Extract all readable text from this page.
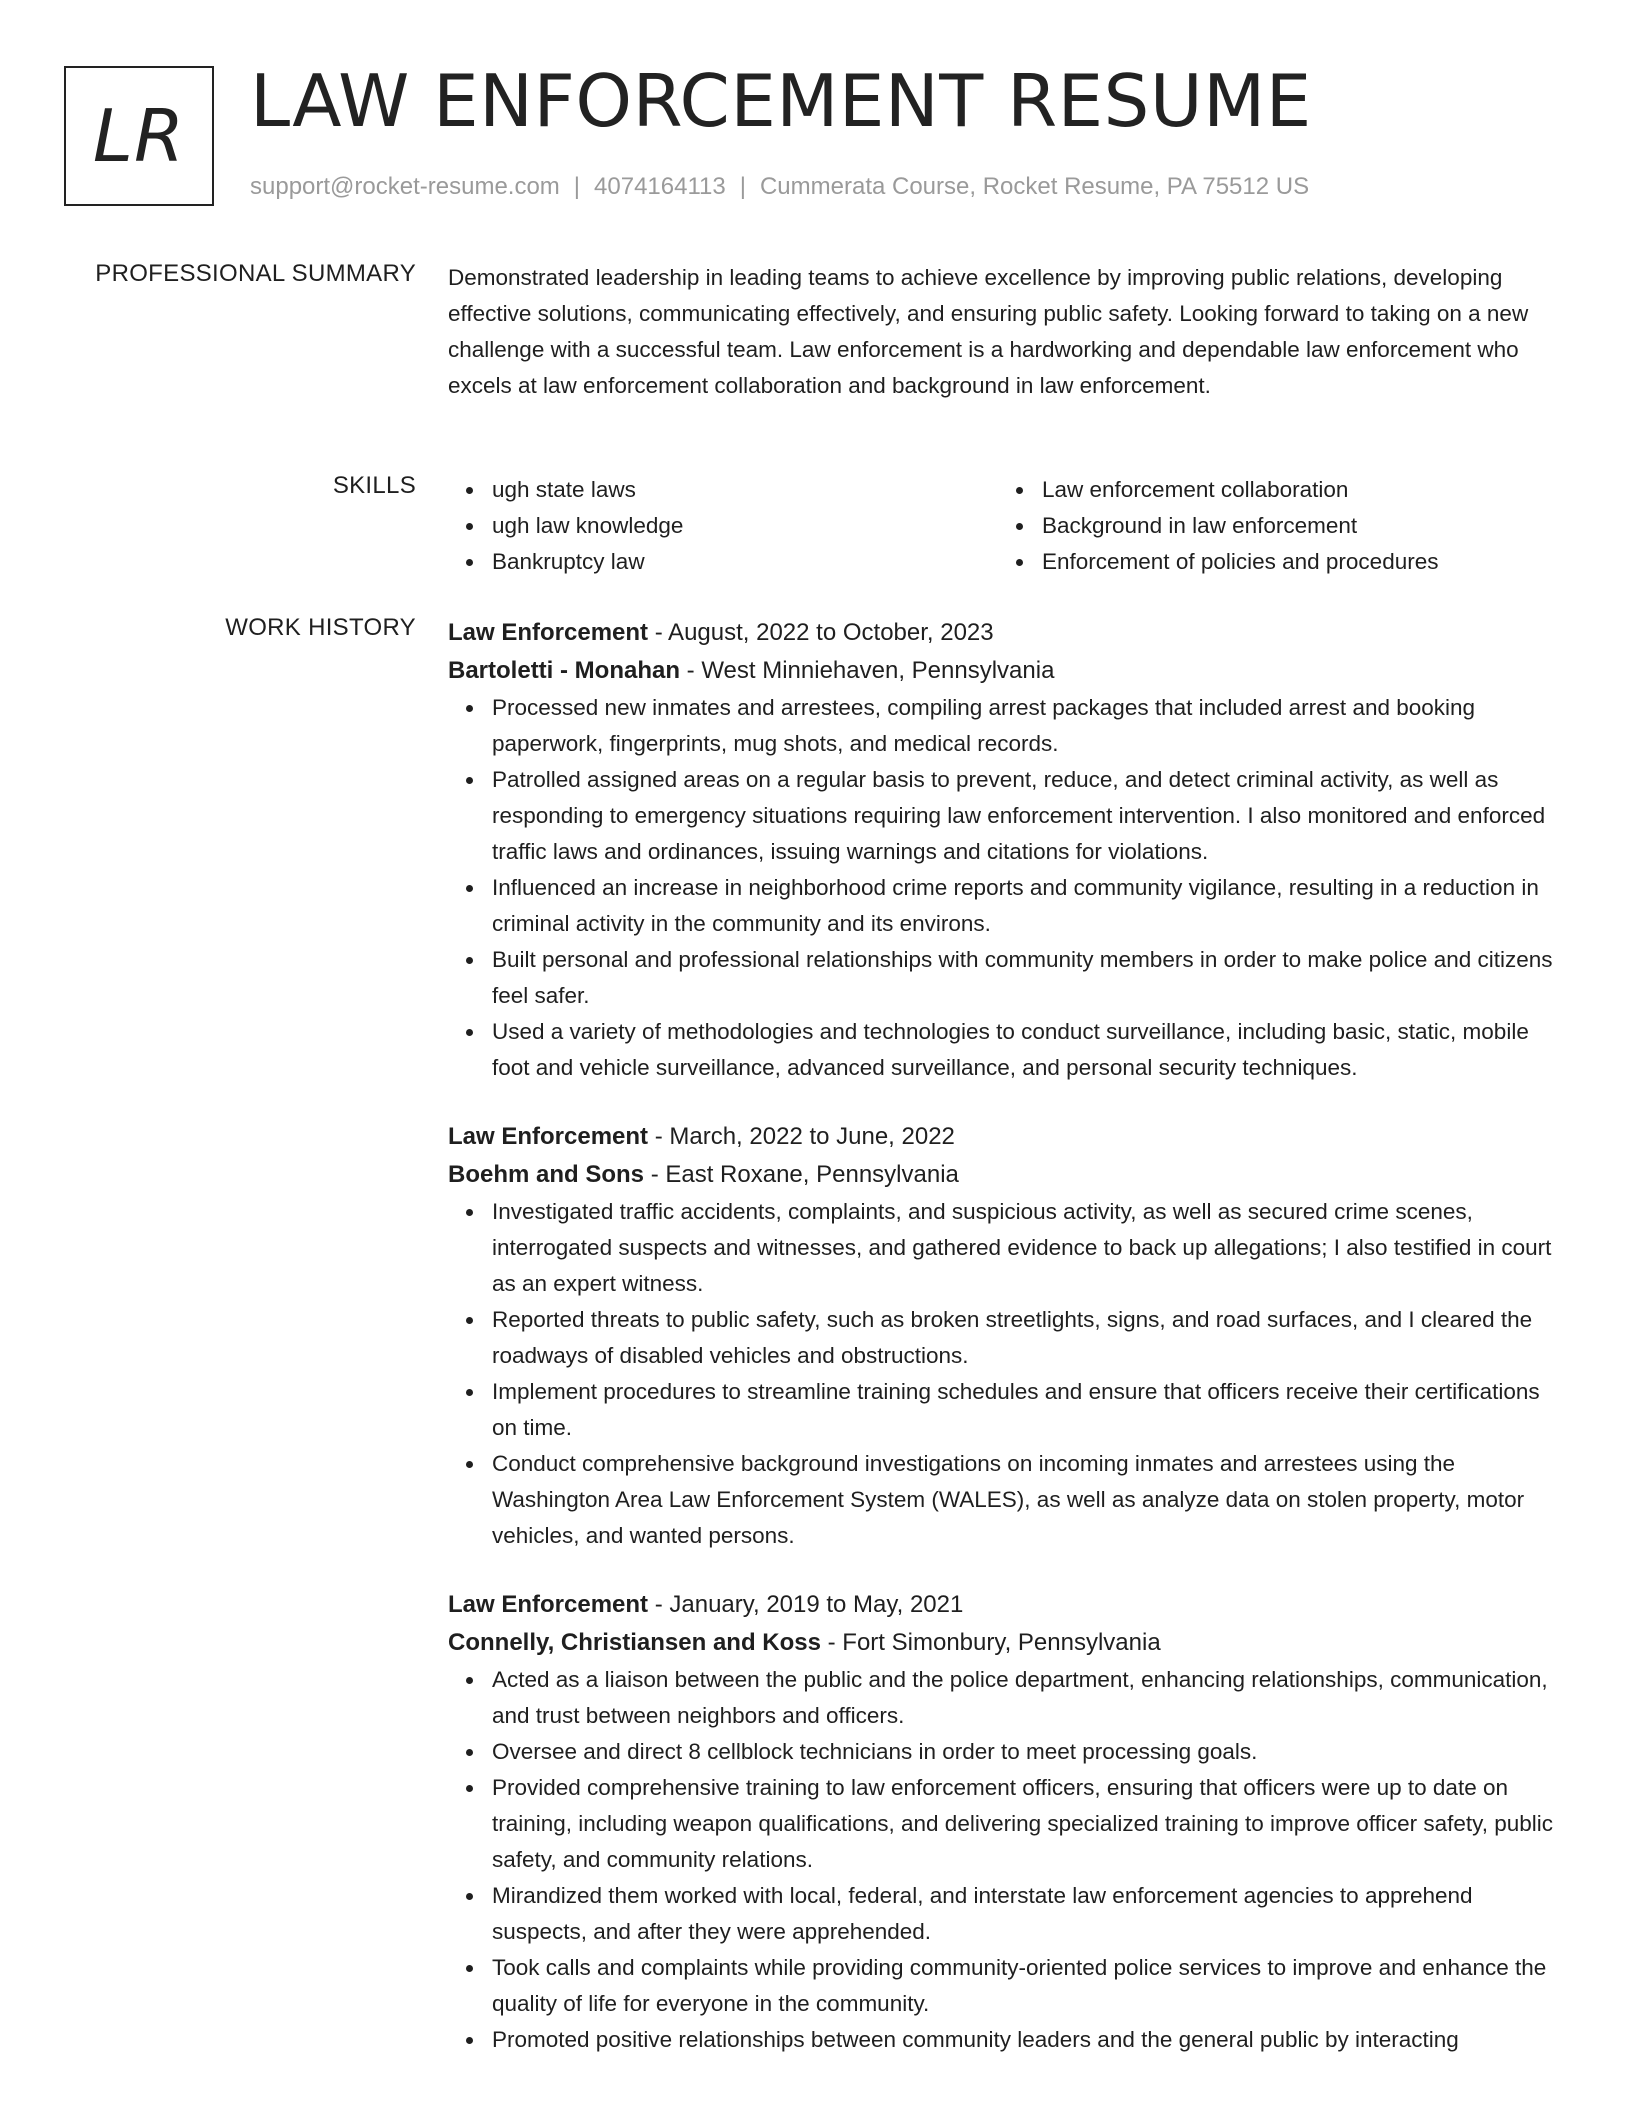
LR LAW ENFORCEMENT RESUME
support@rocket-resume.com | 4074164113 | Cummerata Course, Rocket Resume, PA 75512 US
PROFESSIONAL SUMMARY Demonstrated leadership in leading teams to achieve excellence by improving public relations, developing effective solutions, communicating effectively, and ensuring public safety. Looking forward to taking on a new challenge with a successful team. Law enforcement is a hardworking and dependable law enforcement who excels at law enforcement collaboration and background in law enforcement.

SKILLS	ugh state laws
ugh law knowledge
Bankruptcy law
Law enforcement collaboration
Background in law enforcement
Enforcement of policies and procedures
WORK HISTORY Law Enforcement - August, 2022 to October, 2023
Bartoletti - Monahan - West Minniehaven, Pennsylvania
Processed new inmates and arrestees, compiling arrest packages that included arrest and booking paperwork, fingerprints, mug shots, and medical records.
Patrolled assigned areas on a regular basis to prevent, reduce, and detect criminal activity, as well as responding to emergency situations requiring law enforcement intervention. I also monitored and enforced traffic laws and ordinances, issuing warnings and citations for violations.
Influenced an increase in neighborhood crime reports and community vigilance, resulting in a reduction in criminal activity in the community and its environs.
Built personal and professional relationships with community members in order to make police and citizens feel safer.
Used a variety of methodologies and technologies to conduct surveillance, including basic, static, mobile foot and vehicle surveillance, advanced surveillance, and personal security techniques.
Law Enforcement - March, 2022 to June, 2022
Boehm and Sons - East Roxane, Pennsylvania
Investigated traffic accidents, complaints, and suspicious activity, as well as secured crime scenes, interrogated suspects and witnesses, and gathered evidence to back up allegations; I also testified in court as an expert witness.
Reported threats to public safety, such as broken streetlights, signs, and road surfaces, and I cleared the roadways of disabled vehicles and obstructions.
Implement procedures to streamline training schedules and ensure that officers receive their certifications on time.
Conduct comprehensive background investigations on incoming inmates and arrestees using the Washington Area Law Enforcement System (WALES), as well as analyze data on stolen property, motor vehicles, and wanted persons.
Law Enforcement - January, 2019 to May, 2021
Connelly, Christiansen and Koss - Fort Simonbury, Pennsylvania
Acted as a liaison between the public and the police department, enhancing relationships, communication, and trust between neighbors and officers.
Oversee and direct 8 cellblock technicians in order to meet processing goals.
Provided comprehensive training to law enforcement officers, ensuring that officers were up to date on training, including weapon qualifications, and delivering specialized training to improve officer safety, public safety, and community relations.
Mirandized them worked with local, federal, and interstate law enforcement agencies to apprehend suspects, and after they were apprehended.
Took calls and complaints while providing community-oriented police services to improve and enhance the quality of life for everyone in the community.
Promoted positive relationships between community leaders and the general public by interacting
